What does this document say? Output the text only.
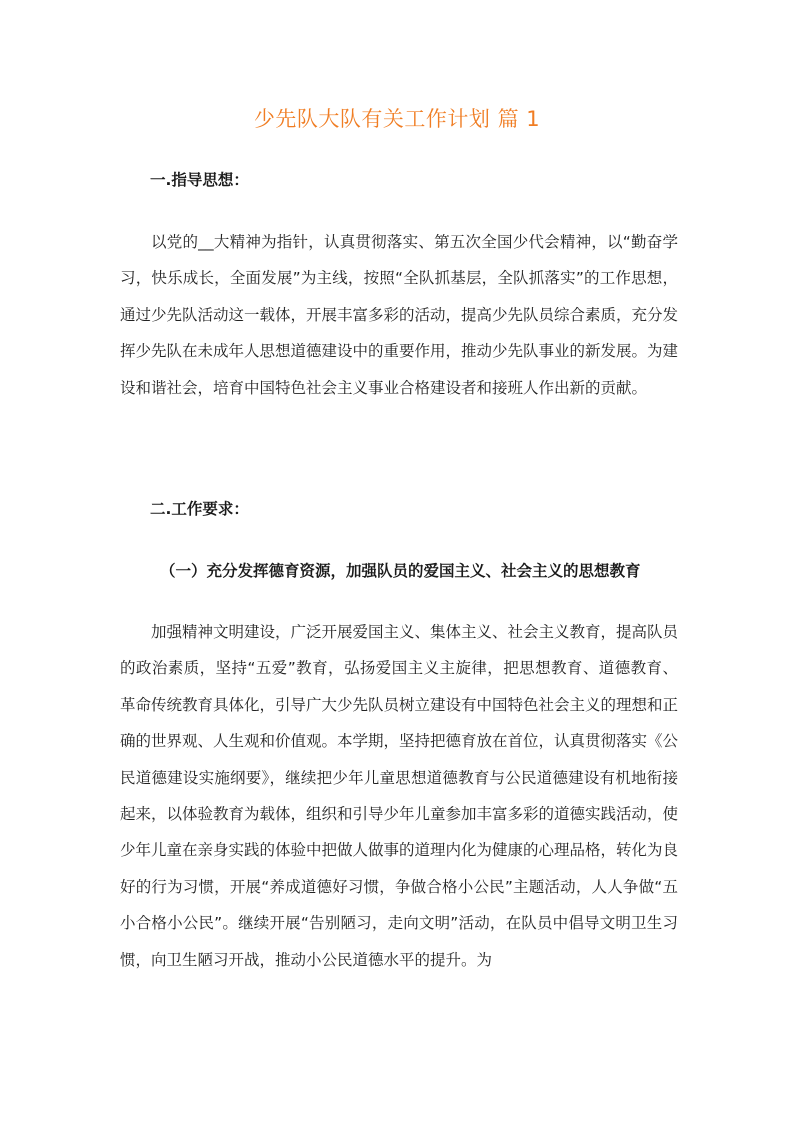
少先队大队有关工作计划 篇 1
一.指导思想：
以党的__大精神为指针，认真贯彻落实、第五次全国少代会精神，以“勤奋学习，快乐成长，全面发展”为主线，按照“全队抓基层，全队抓落实”的工作思想，通过少先队活动这一载体，开展丰富多彩的活动，提高少先队员综合素质，充分发挥少先队在未成年人思想道德建设中的重要作用，推动少先队事业的新发展。为建设和谐社会，培育中国特色社会主义事业合格建设者和接班人作出新的贡献。
二.工作要求：
（一）充分发挥德育资源，加强队员的爱国主义、社会主义的思想教育
加强精神文明建设，广泛开展爱国主义、集体主义、社会主义教育，提高队员的政治素质，坚持“五爱”教育，弘扬爱国主义主旋律，把思想教育、道德教育、革命传统教育具体化，引导广大少先队员树立建设有中国特色社会主义的理想和正确的世界观、人生观和价值观。本学期，坚持把德育放在首位，认真贯彻落实《公民道德建设实施纲要》，继续把少年儿童思想道德教育与公民道德建设有机地衔接起来，以体验教育为载体，组织和引导少年儿童参加丰富多彩的道德实践活动，使少年儿童在亲身实践的体验中把做人做事的道理内化为健康的心理品格，转化为良好的行为习惯，开展“养成道德好习惯，争做合格小公民”主题活动，人人争做“五小合格小公民”。继续开展“告别陋习，走向文明”活动，在队员中倡导文明卫生习惯，向卫生陋习开战，推动小公民道德水平的提升。为
